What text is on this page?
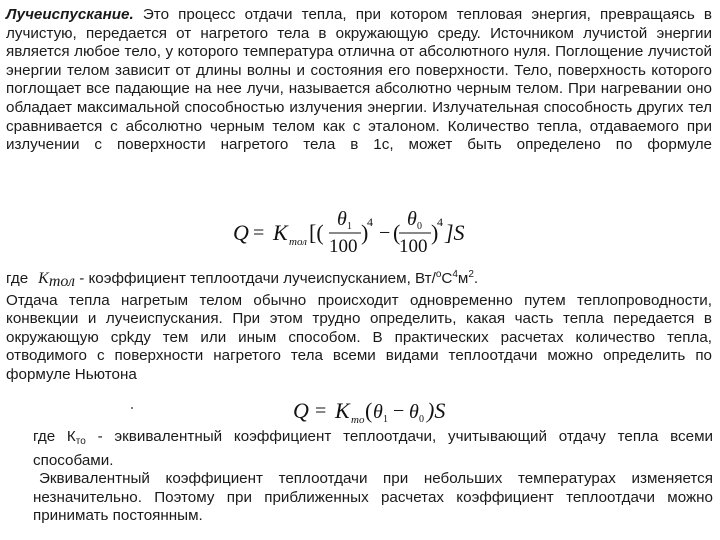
Лучеиспускание. Это процесс отдачи тепла, при котором тепловая энергия, превращаясь в лучистую, передается от нагретого тела в окружающую среду. Источником лучистой энергии является любое тело, у которого температура отлична от абсолютного нуля. Поглощение лучистой энергии телом зависит от длины волны и состояния его поверхности. Тело, поверхность которого поглощает все падающие на нее лучи, называется абсолютно черным телом. При нагревании оно обладает максимальной способностью излучения энергии. Излучательная способность других тел сравнивается с абсолютно черным телом как с эталоном. Количество тепла, отдаваемого при излучении с поверхности нагретого тела в 1с, может быть определено по формуле
Q = K тол [(
θ 1
100
)
4 − (
θ 0
100
)
4 ]S
где Kтол - коэффициент теплоотдачи лучеиспусканием, $Вт/^оС^4м^2$.
Отдача тепла нагретым телом обычно происходит одновременно путем теплопроводности, конвекции и лучеиспускания. При этом трудно определить, какая часть тепла передается в окружающую срkду тем или иным способом. В практических расчетах количество тепла, отводимого с поверхности нагретого тела всеми видами теплоотдачи можно определить по формуле Ньютона
Q = K то ( θ 1 − θ 0 )S
где $К_{то}$ - эквивалентный коэффициент теплоотдачи, учитывающий отдачу тепла всеми способами.
Эквивалентный коэффициент теплоотдачи при небольших температурах изменяется незначительно. Поэтому при приближенных расчетах коэффициент теплоотдачи можно принимать постоянным.
